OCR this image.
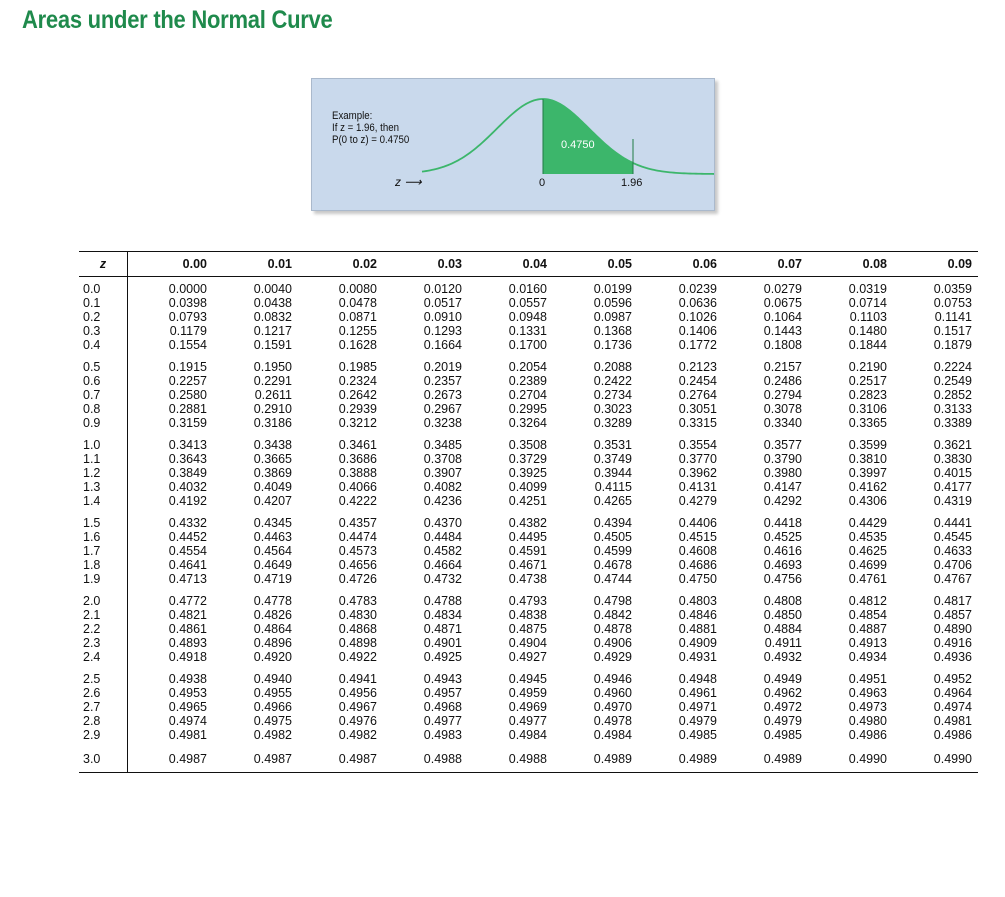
Areas under the Normal Curve
Example:
If z = 1.96, then
P(0 to z) = 0.4750	0.4750
z ⟶	0	1.96
z	0.00	0.01	0.02	0.03	0.04	0.05	0.06	0.07	0.08	0.09
0.0	0.0000	0.0040	0.0080	0.0120	0.0160	0.0199	0.0239	0.0279	0.0319	0.0359
0.1	0.0398	0.0438	0.0478	0.0517	0.0557	0.0596	0.0636	0.0675	0.0714	0.0753
0.2	0.0793	0.0832	0.0871	0.0910	0.0948	0.0987	0.1026	0.1064	0.1103	0.1141
0.3	0.1179	0.1217	0.1255	0.1293	0.1331	0.1368	0.1406	0.1443	0.1480	0.1517
0.4	0.1554	0.1591	0.1628	0.1664	0.1700	0.1736	0.1772	0.1808	0.1844	0.1879
0.5	0.1915	0.1950	0.1985	0.2019	0.2054	0.2088	0.2123	0.2157	0.2190	0.2224
0.6	0.2257	0.2291	0.2324	0.2357	0.2389	0.2422	0.2454	0.2486	0.2517	0.2549
0.7	0.2580	0.2611	0.2642	0.2673	0.2704	0.2734	0.2764	0.2794	0.2823	0.2852
0.8	0.2881	0.2910	0.2939	0.2967	0.2995	0.3023	0.3051	0.3078	0.3106	0.3133
0.9	0.3159	0.3186	0.3212	0.3238	0.3264	0.3289	0.3315	0.3340	0.3365	0.3389
1.0	0.3413	0.3438	0.3461	0.3485	0.3508	0.3531	0.3554	0.3577	0.3599	0.3621
1.1	0.3643	0.3665	0.3686	0.3708	0.3729	0.3749	0.3770	0.3790	0.3810	0.3830
1.2	0.3849	0.3869	0.3888	0.3907	0.3925	0.3944	0.3962	0.3980	0.3997	0.4015
1.3	0.4032	0.4049	0.4066	0.4082	0.4099	0.4115	0.4131	0.4147	0.4162	0.4177
1.4	0.4192	0.4207	0.4222	0.4236	0.4251	0.4265	0.4279	0.4292	0.4306	0.4319
1.5	0.4332	0.4345	0.4357	0.4370	0.4382	0.4394	0.4406	0.4418	0.4429	0.4441
1.6	0.4452	0.4463	0.4474	0.4484	0.4495	0.4505	0.4515	0.4525	0.4535	0.4545
1.7	0.4554	0.4564	0.4573	0.4582	0.4591	0.4599	0.4608	0.4616	0.4625	0.4633
1.8	0.4641	0.4649	0.4656	0.4664	0.4671	0.4678	0.4686	0.4693	0.4699	0.4706
1.9	0.4713	0.4719	0.4726	0.4732	0.4738	0.4744	0.4750	0.4756	0.4761	0.4767
2.0	0.4772	0.4778	0.4783	0.4788	0.4793	0.4798	0.4803	0.4808	0.4812	0.4817
2.1	0.4821	0.4826	0.4830	0.4834	0.4838	0.4842	0.4846	0.4850	0.4854	0.4857
2.2	0.4861	0.4864	0.4868	0.4871	0.4875	0.4878	0.4881	0.4884	0.4887	0.4890
2.3	0.4893	0.4896	0.4898	0.4901	0.4904	0.4906	0.4909	0.4911	0.4913	0.4916
2.4	0.4918	0.4920	0.4922	0.4925	0.4927	0.4929	0.4931	0.4932	0.4934	0.4936
2.5	0.4938	0.4940	0.4941	0.4943	0.4945	0.4946	0.4948	0.4949	0.4951	0.4952
2.6	0.4953	0.4955	0.4956	0.4957	0.4959	0.4960	0.4961	0.4962	0.4963	0.4964
2.7	0.4965	0.4966	0.4967	0.4968	0.4969	0.4970	0.4971	0.4972	0.4973	0.4974
2.8	0.4974	0.4975	0.4976	0.4977	0.4977	0.4978	0.4979	0.4979	0.4980	0.4981
2.9	0.4981	0.4982	0.4982	0.4983	0.4984	0.4984	0.4985	0.4985	0.4986	0.4986
3.0	0.4987	0.4987	0.4987	0.4988	0.4988	0.4989	0.4989	0.4989	0.4990	0.4990
